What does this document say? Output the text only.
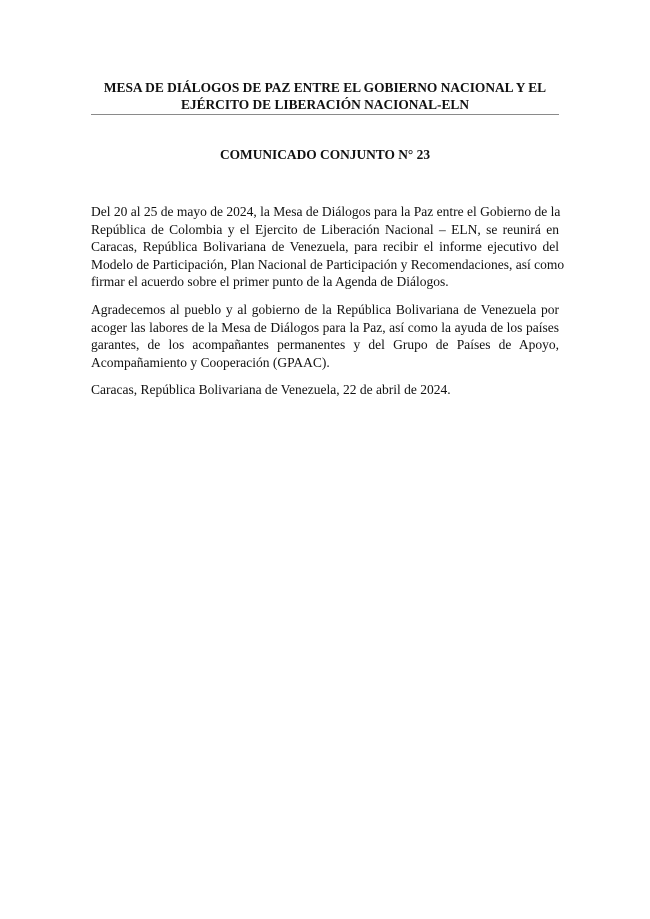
MESA DE DIÁLOGOS DE PAZ ENTRE EL GOBIERNO NACIONAL Y EL
EJÉRCITO DE LIBERACIÓN NACIONAL-ELN
COMUNICADO CONJUNTO N° 23
Del 20 al 25 de mayo de 2024, la Mesa de Diálogos para la Paz entre el Gobierno de la
República de Colombia y el Ejercito de Liberación Nacional – ELN, se reunirá en
Caracas, República Bolivariana de Venezuela, para recibir el informe ejecutivo del
Modelo de Participación, Plan Nacional de Participación y Recomendaciones, así como
firmar el acuerdo sobre el primer punto de la Agenda de Diálogos.
Agradecemos al pueblo y al gobierno de la República Bolivariana de Venezuela por
acoger las labores de la Mesa de Diálogos para la Paz, así como la ayuda de los países
garantes, de los acompañantes permanentes y del Grupo de Países de Apoyo,
Acompañamiento y Cooperación (GPAAC).
Caracas, República Bolivariana de Venezuela, 22 de abril de 2024.
